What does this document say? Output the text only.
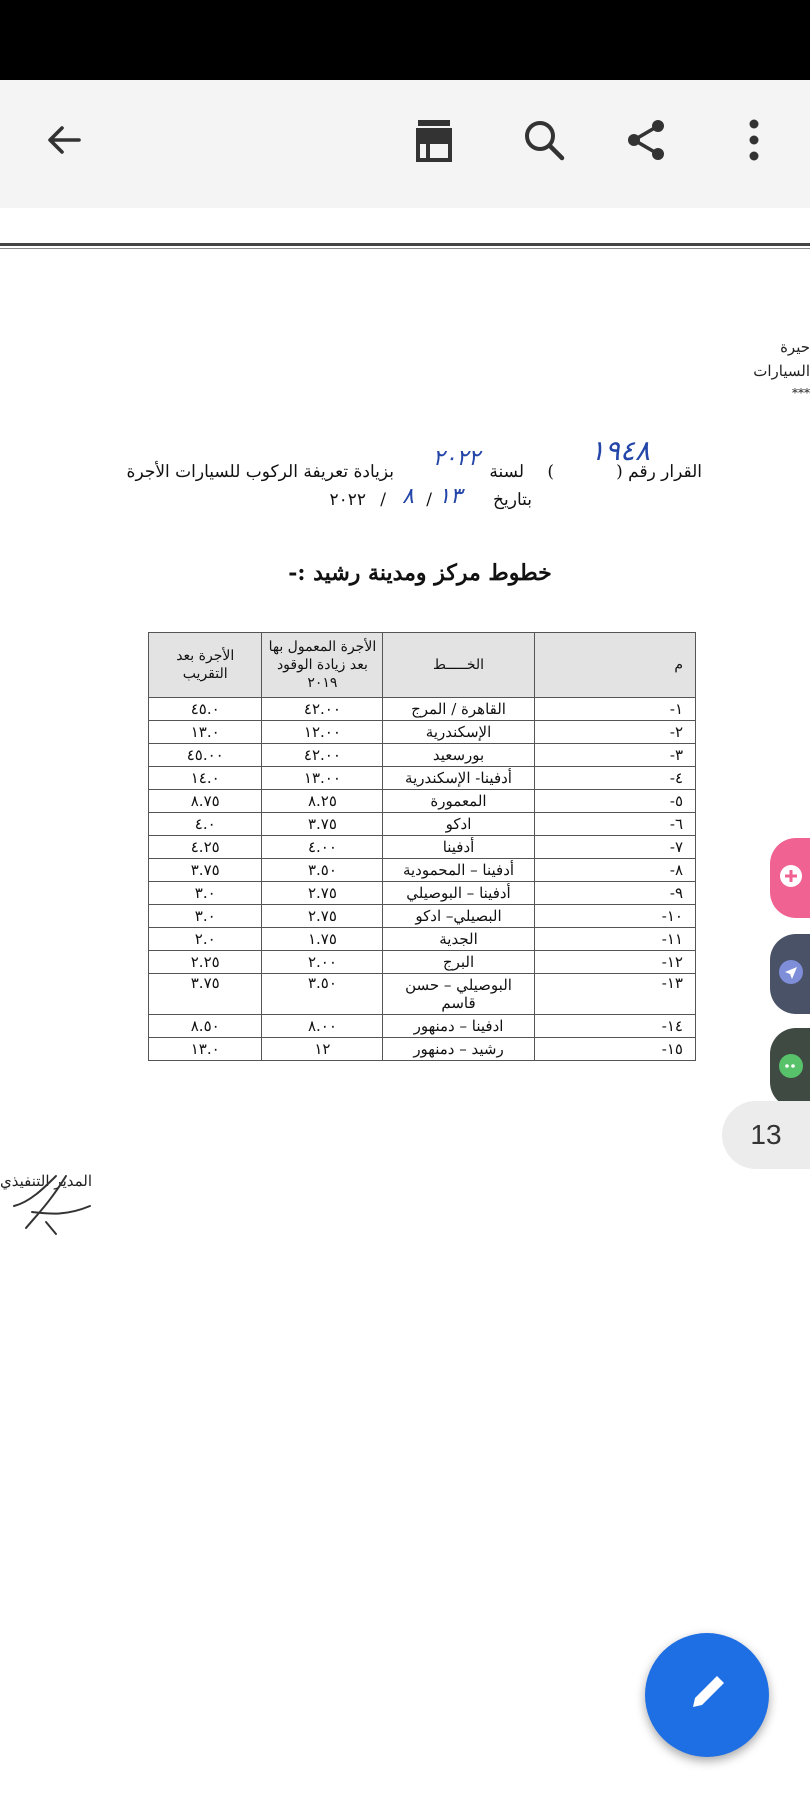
حيرة
السيارات
***
القرار رقم (
١٩٤٨
)
لسنة
٢٠٢٢
بزيادة تعريفة الركوب للسيارات الأجرة
بتاريخ
١٣
/
٨
/
٢٠٢٢
خطوط مركز ومدينة رشيد :-
م	الخـــــط	الأجرة المعمول بها بعد زيادة الوقود ٢٠١٩	الأجرة بعد التقريب
١-	القاهرة / المرج	٤٢.٠٠	٤٥.٠
٢-	الإسكندرية	١٢.٠٠	١٣.٠
٣-	بورسعيد	٤٢.٠٠	٤٥.٠٠
٤-	أدفينا- الإسكندرية	١٣.٠٠	١٤.٠
٥-	المعمورة	٨.٢٥	٨.٧٥
٦-	ادكو	٣.٧٥	٤.٠
٧-	أدفينا	٤.٠٠	٤.٢٥
٨-	أدفينا – المحمودية	٣.٥٠	٣.٧٥
٩-	أدفينا – البوصيلي	٢.٧٥	٣.٠
١٠-	البصيلي– ادكو	٢.٧٥	٣.٠
١١-	الجدية	١.٧٥	٢.٠
١٢-	البرج	٢.٠٠	٢.٢٥
١٣-	البوصيلي – حسن قاسم	٣.٥٠	٣.٧٥
١٤-	ادفينا – دمنهور	٨.٠٠	٨.٥٠
١٥-	رشيد – دمنهور	١٢	١٣.٠
13
المدير التنفيذي
